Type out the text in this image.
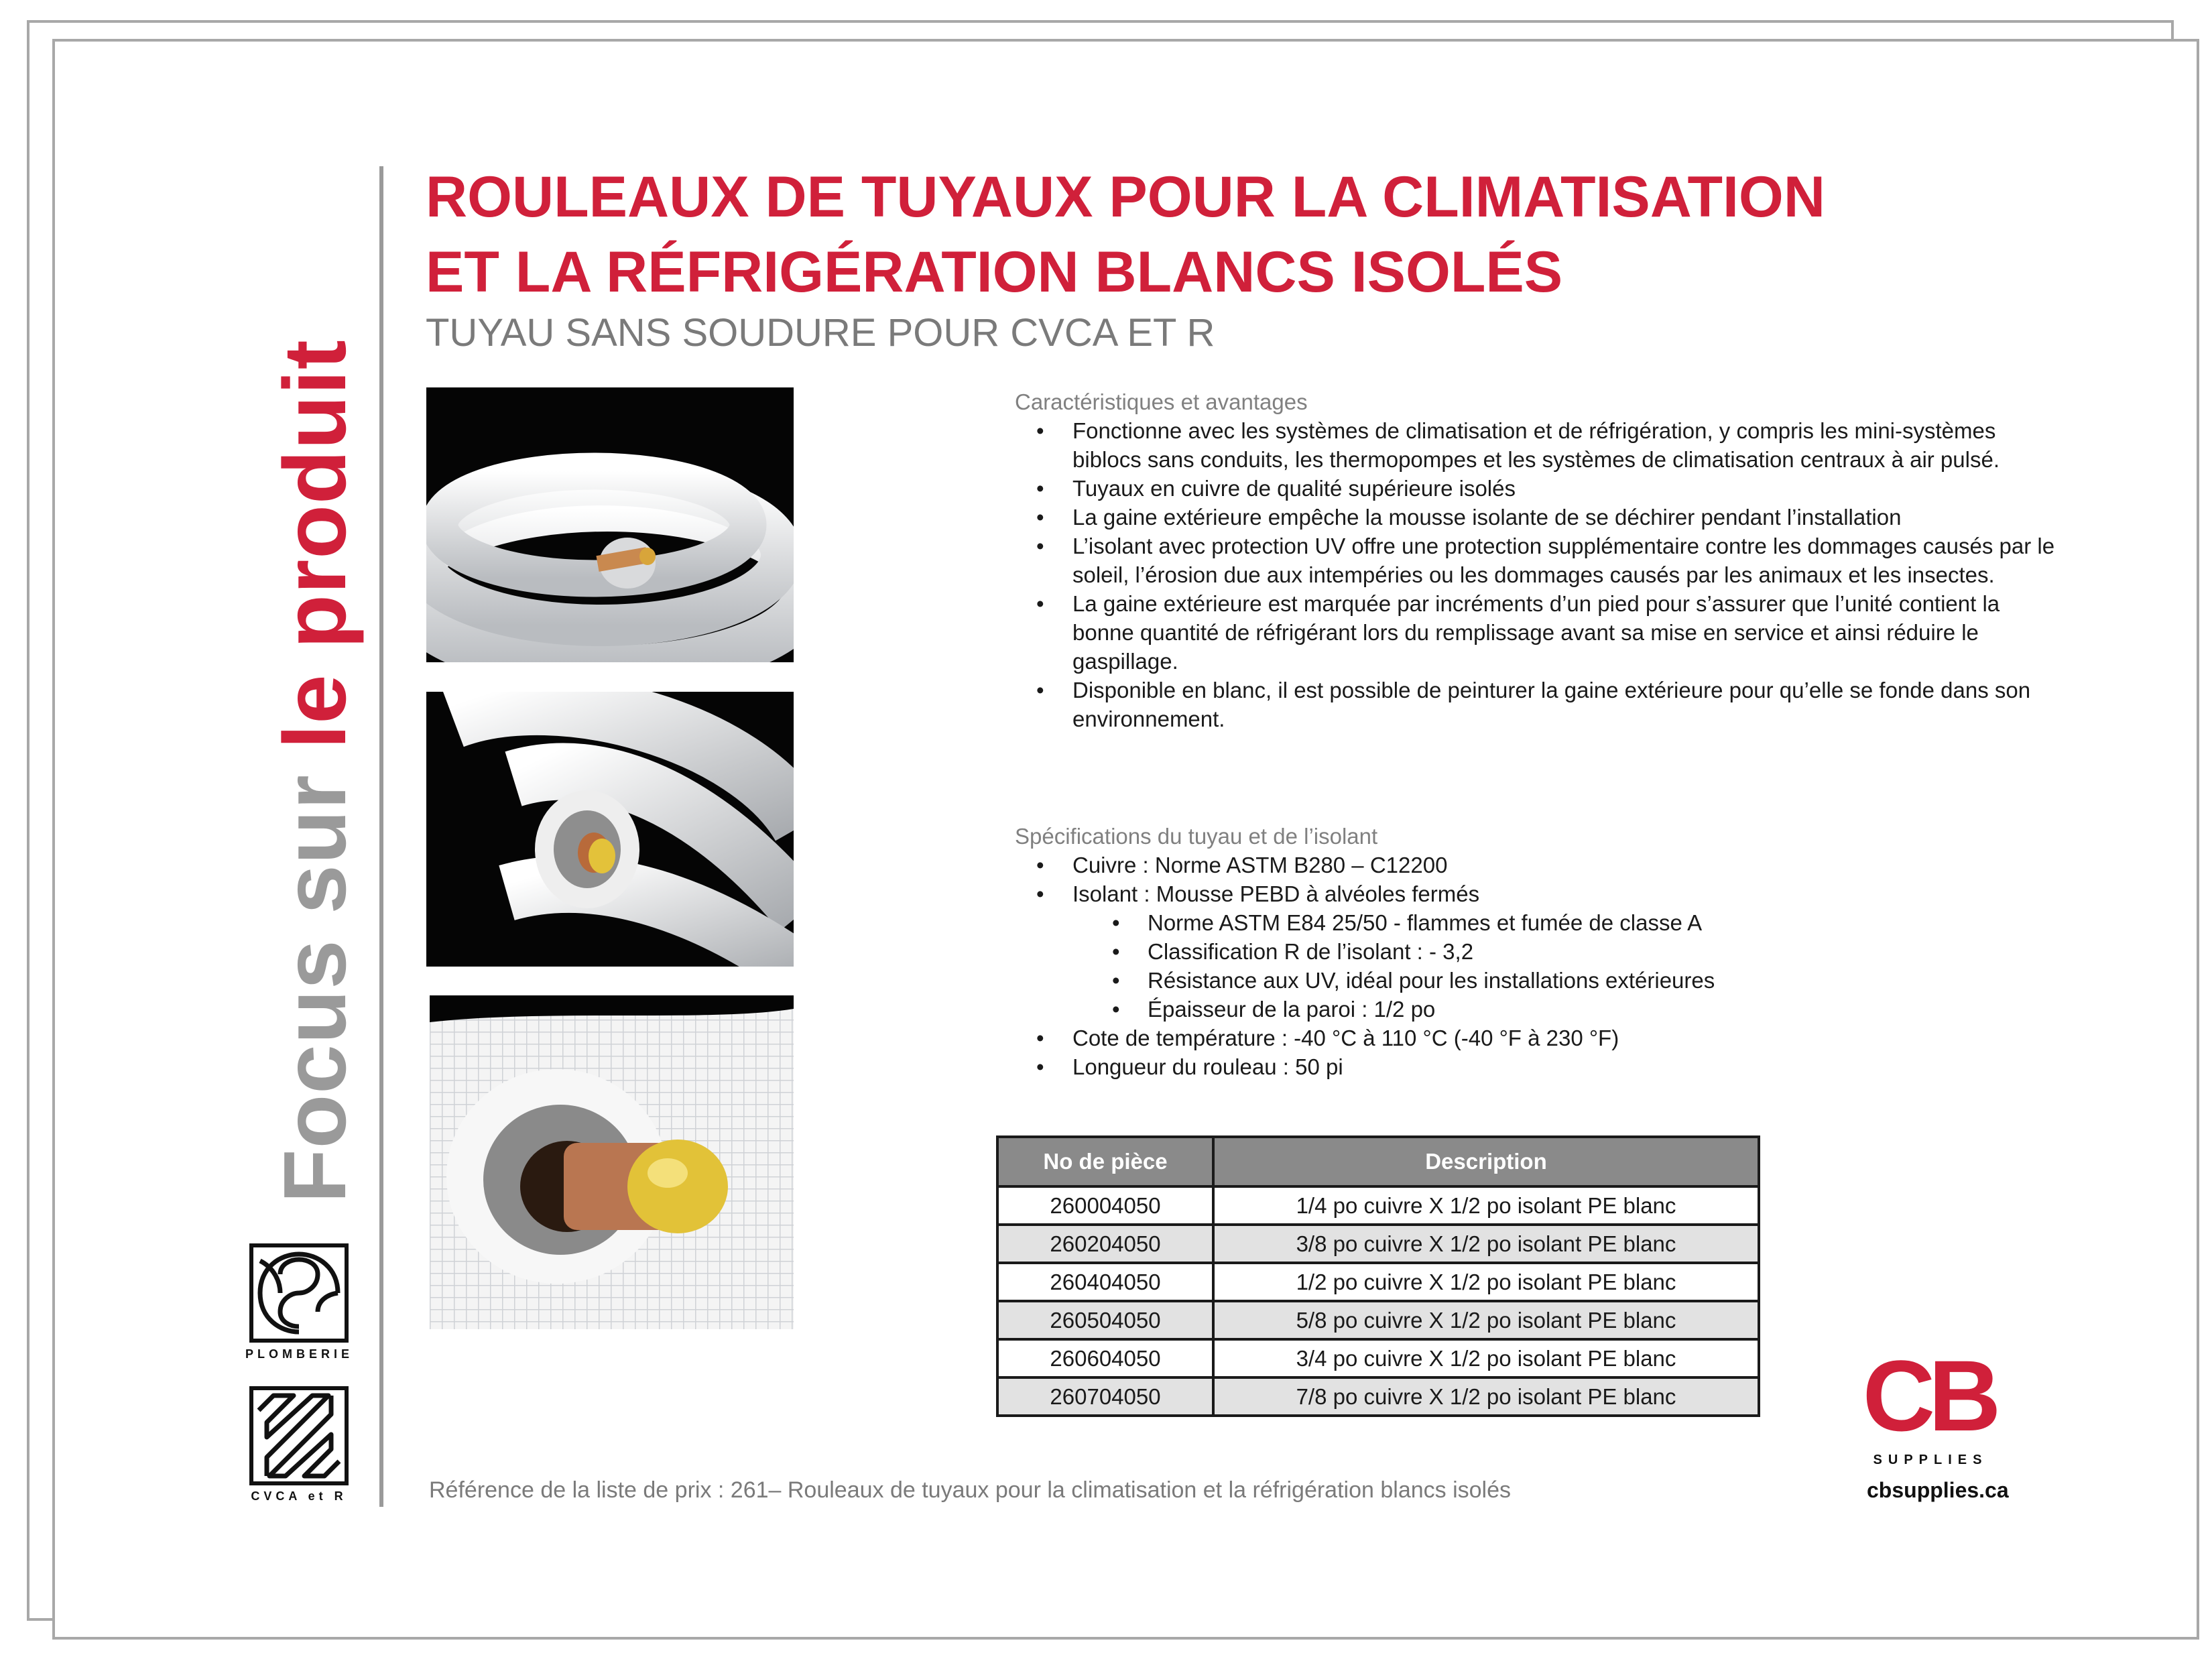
Focus sur le produit
PLOMBERIE
CVCA et R
ROULEAUX DE TUYAUX POUR LA CLIMATISATION
ET LA RÉFRIGÉRATION BLANCS ISOLÉS

TUYAU SANS SOUDURE POUR CVCA ET R

Caractéristiques et avantages

• Fonctionne avec les systèmes de climatisation et de réfrigération, y compris les mini-systèmes biblocs sans conduits, les thermopompes et les systèmes de climatisation centraux à air pulsé.
• Tuyaux en cuivre de qualité supérieure isolés
• La gaine extérieure empêche la mousse isolante de se déchirer pendant l’installation
• L’isolant avec protection UV offre une protection supplémentaire contre les dommages causés par le soleil, l’érosion due aux intempéries ou les dommages causés par les animaux et les insectes.
• La gaine extérieure est marquée par incréments d’un pied pour s’assurer que l’unité contient la bonne quantité de réfrigérant lors du remplissage avant sa mise en service et ainsi réduire le gaspillage.
• Disponible en blanc, il est possible de peinturer la gaine extérieure pour qu’elle se fonde dans son environnement.

Spécifications du tuyau et de l’isolant

• Cuivre : Norme ASTM B280 – C12200
• Isolant : Mousse PEBD à alvéoles fermés
• Norme ASTM E84 25/50 - flammes et fumée de classe A
• Classification R de l’isolant : - 3,2
• Résistance aux UV, idéal pour les installations extérieures
• Épaisseur de la paroi : 1/2 po
• Cote de température : -40 °C à 110 °C (-40 °F à 230 °F)
• Longueur du rouleau : 50 pi
No de pièce	Description
260004050	1/4 po cuivre X 1/2 po isolant PE blanc
260204050	3/8 po cuivre X 1/2 po isolant PE blanc
260404050	1/2 po cuivre X 1/2 po isolant PE blanc
260504050	5/8 po cuivre X 1/2 po isolant PE blanc
260604050	3/4 po cuivre X 1/2 po isolant PE blanc
260704050	7/8 po cuivre X 1/2 po isolant PE blanc
Référence de la liste de prix : 261– Rouleaux de tuyaux pour la climatisation et la réfrigération blancs isolés
CB
SUPPLIES
cbsupplies.ca
